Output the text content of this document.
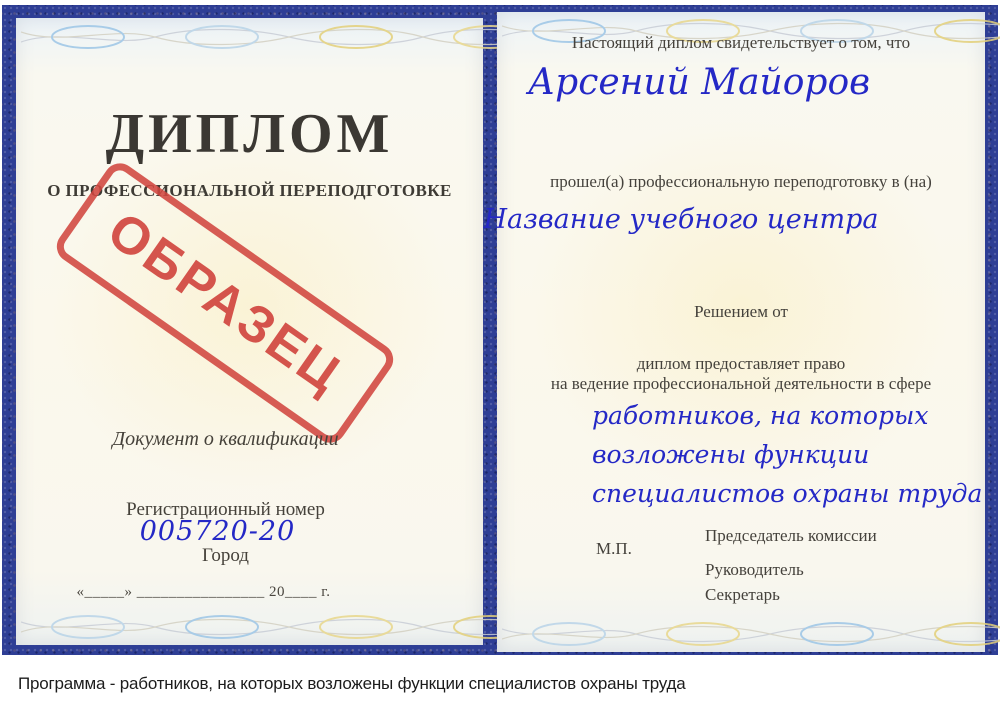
ДИПЛОМ
О ПРОФЕССИОНАЛЬНОЙ ПЕРЕПОДГОТОВКЕ
ОБРАЗЕЦ
Документ о квалификации
Регистрационный номер
005720-20
Город
«_____» ________________ 20____ г.
Настоящий диплом свидетельствует о том, что
Арсений Майоров
прошел(а) профессиональную переподготовку в (на)
Название учебного центра
Решением от
диплом предоставляет право
на ведение профессиональной деятельности в сфере
работников, на которых
возложены функции
специалистов охраны труда
М.П.
Председатель комиссии
Руководитель
Секретарь
Программа - работников, на которых возложены функции специалистов охраны труда
